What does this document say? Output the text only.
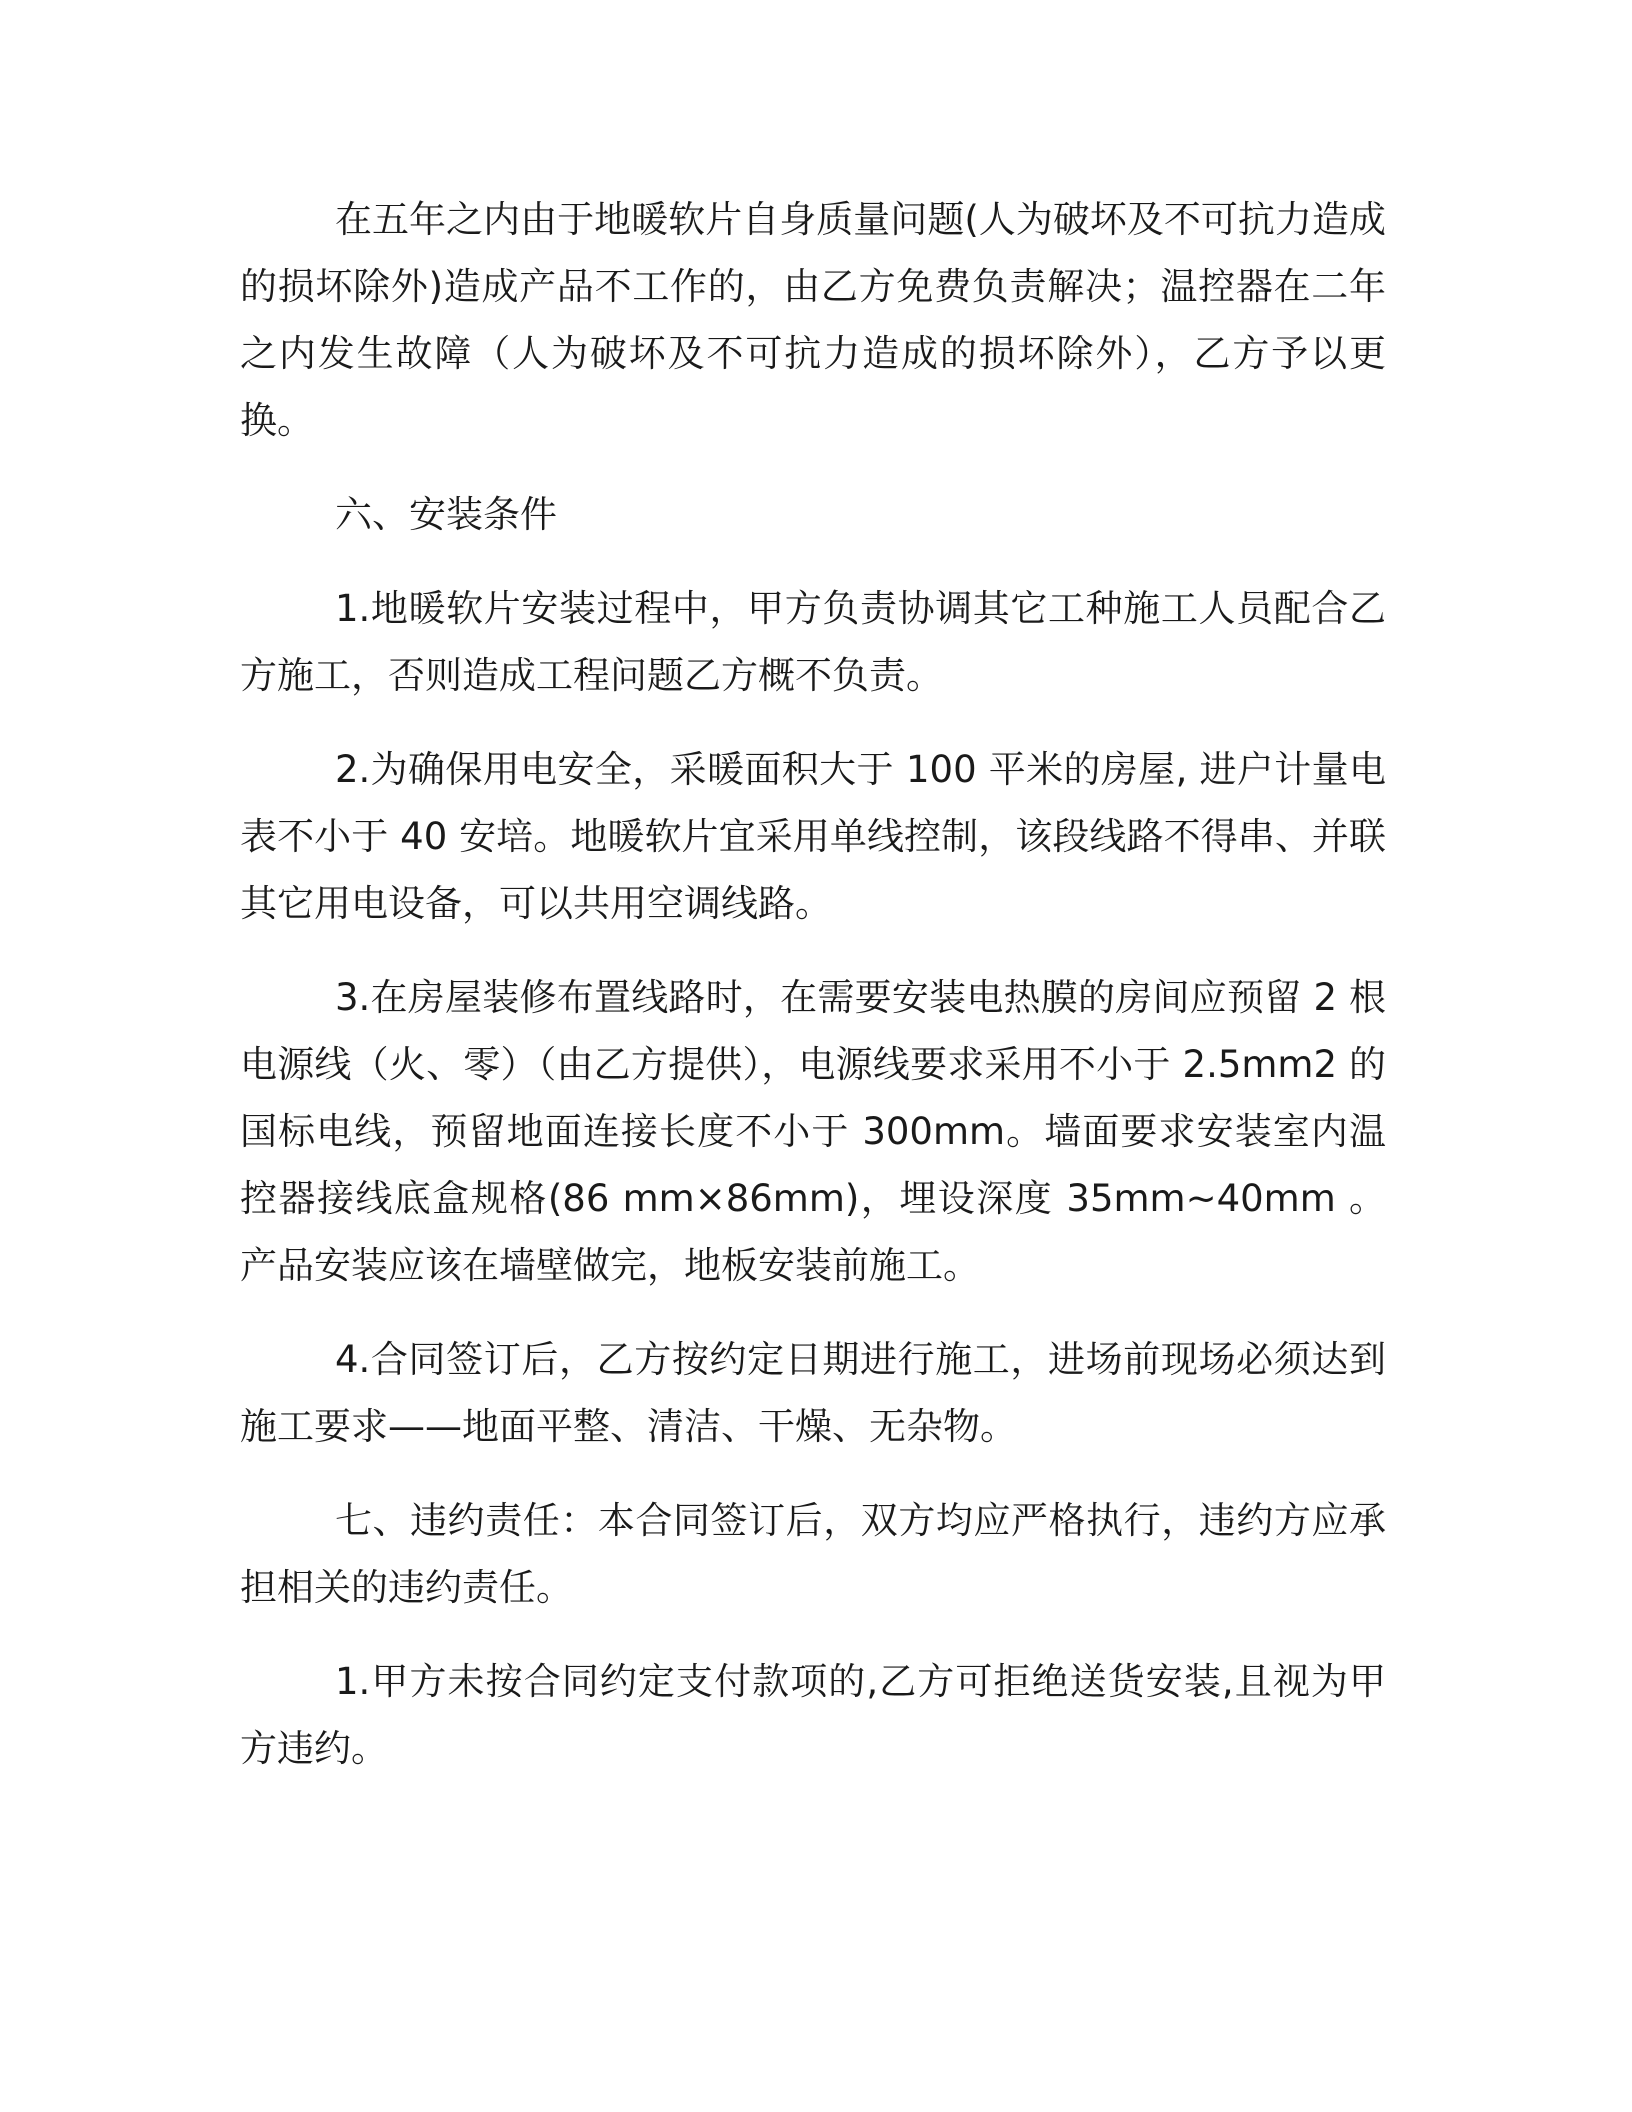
在五年之内由于地暖软片自身质量问题(人为破坏及不可抗力造成的损坏除外)造成产品不工作的，由乙方免费负责解决；温控器在二年之内发生故障（人为破坏及不可抗力造成的损坏除外），乙方予以更换。

六、安装条件

1.地暖软片安装过程中，甲方负责协调其它工种施工人员配合乙方施工，否则造成工程问题乙方概不负责。

2.为确保用电安全，采暖面积大于 100 平米的房屋, 进户计量电表不小于 40 安培。地暖软片宜采用单线控制，该段线路不得串、并联其它用电设备，可以共用空调线路。

3.在房屋装修布置线路时，在需要安装电热膜的房间应预留 2 根电源线（火、零）（由乙方提供），电源线要求采用不小于 2.5mm2 的国标电线，预留地面连接长度不小于 300mm。墙面要求安装室内温控器接线底盒规格(86 mm×86mm)，埋设深度 35mm~40mm 。产品安装应该在墙壁做完，地板安装前施工。

4.合同签订后，乙方按约定日期进行施工，进场前现场必须达到施工要求——地面平整、清洁、干燥、无杂物。

七、违约责任：本合同签订后，双方均应严格执行，违约方应承担相关的违约责任。

1.甲方未按合同约定支付款项的,乙方可拒绝送货安装,且视为甲方违约。
